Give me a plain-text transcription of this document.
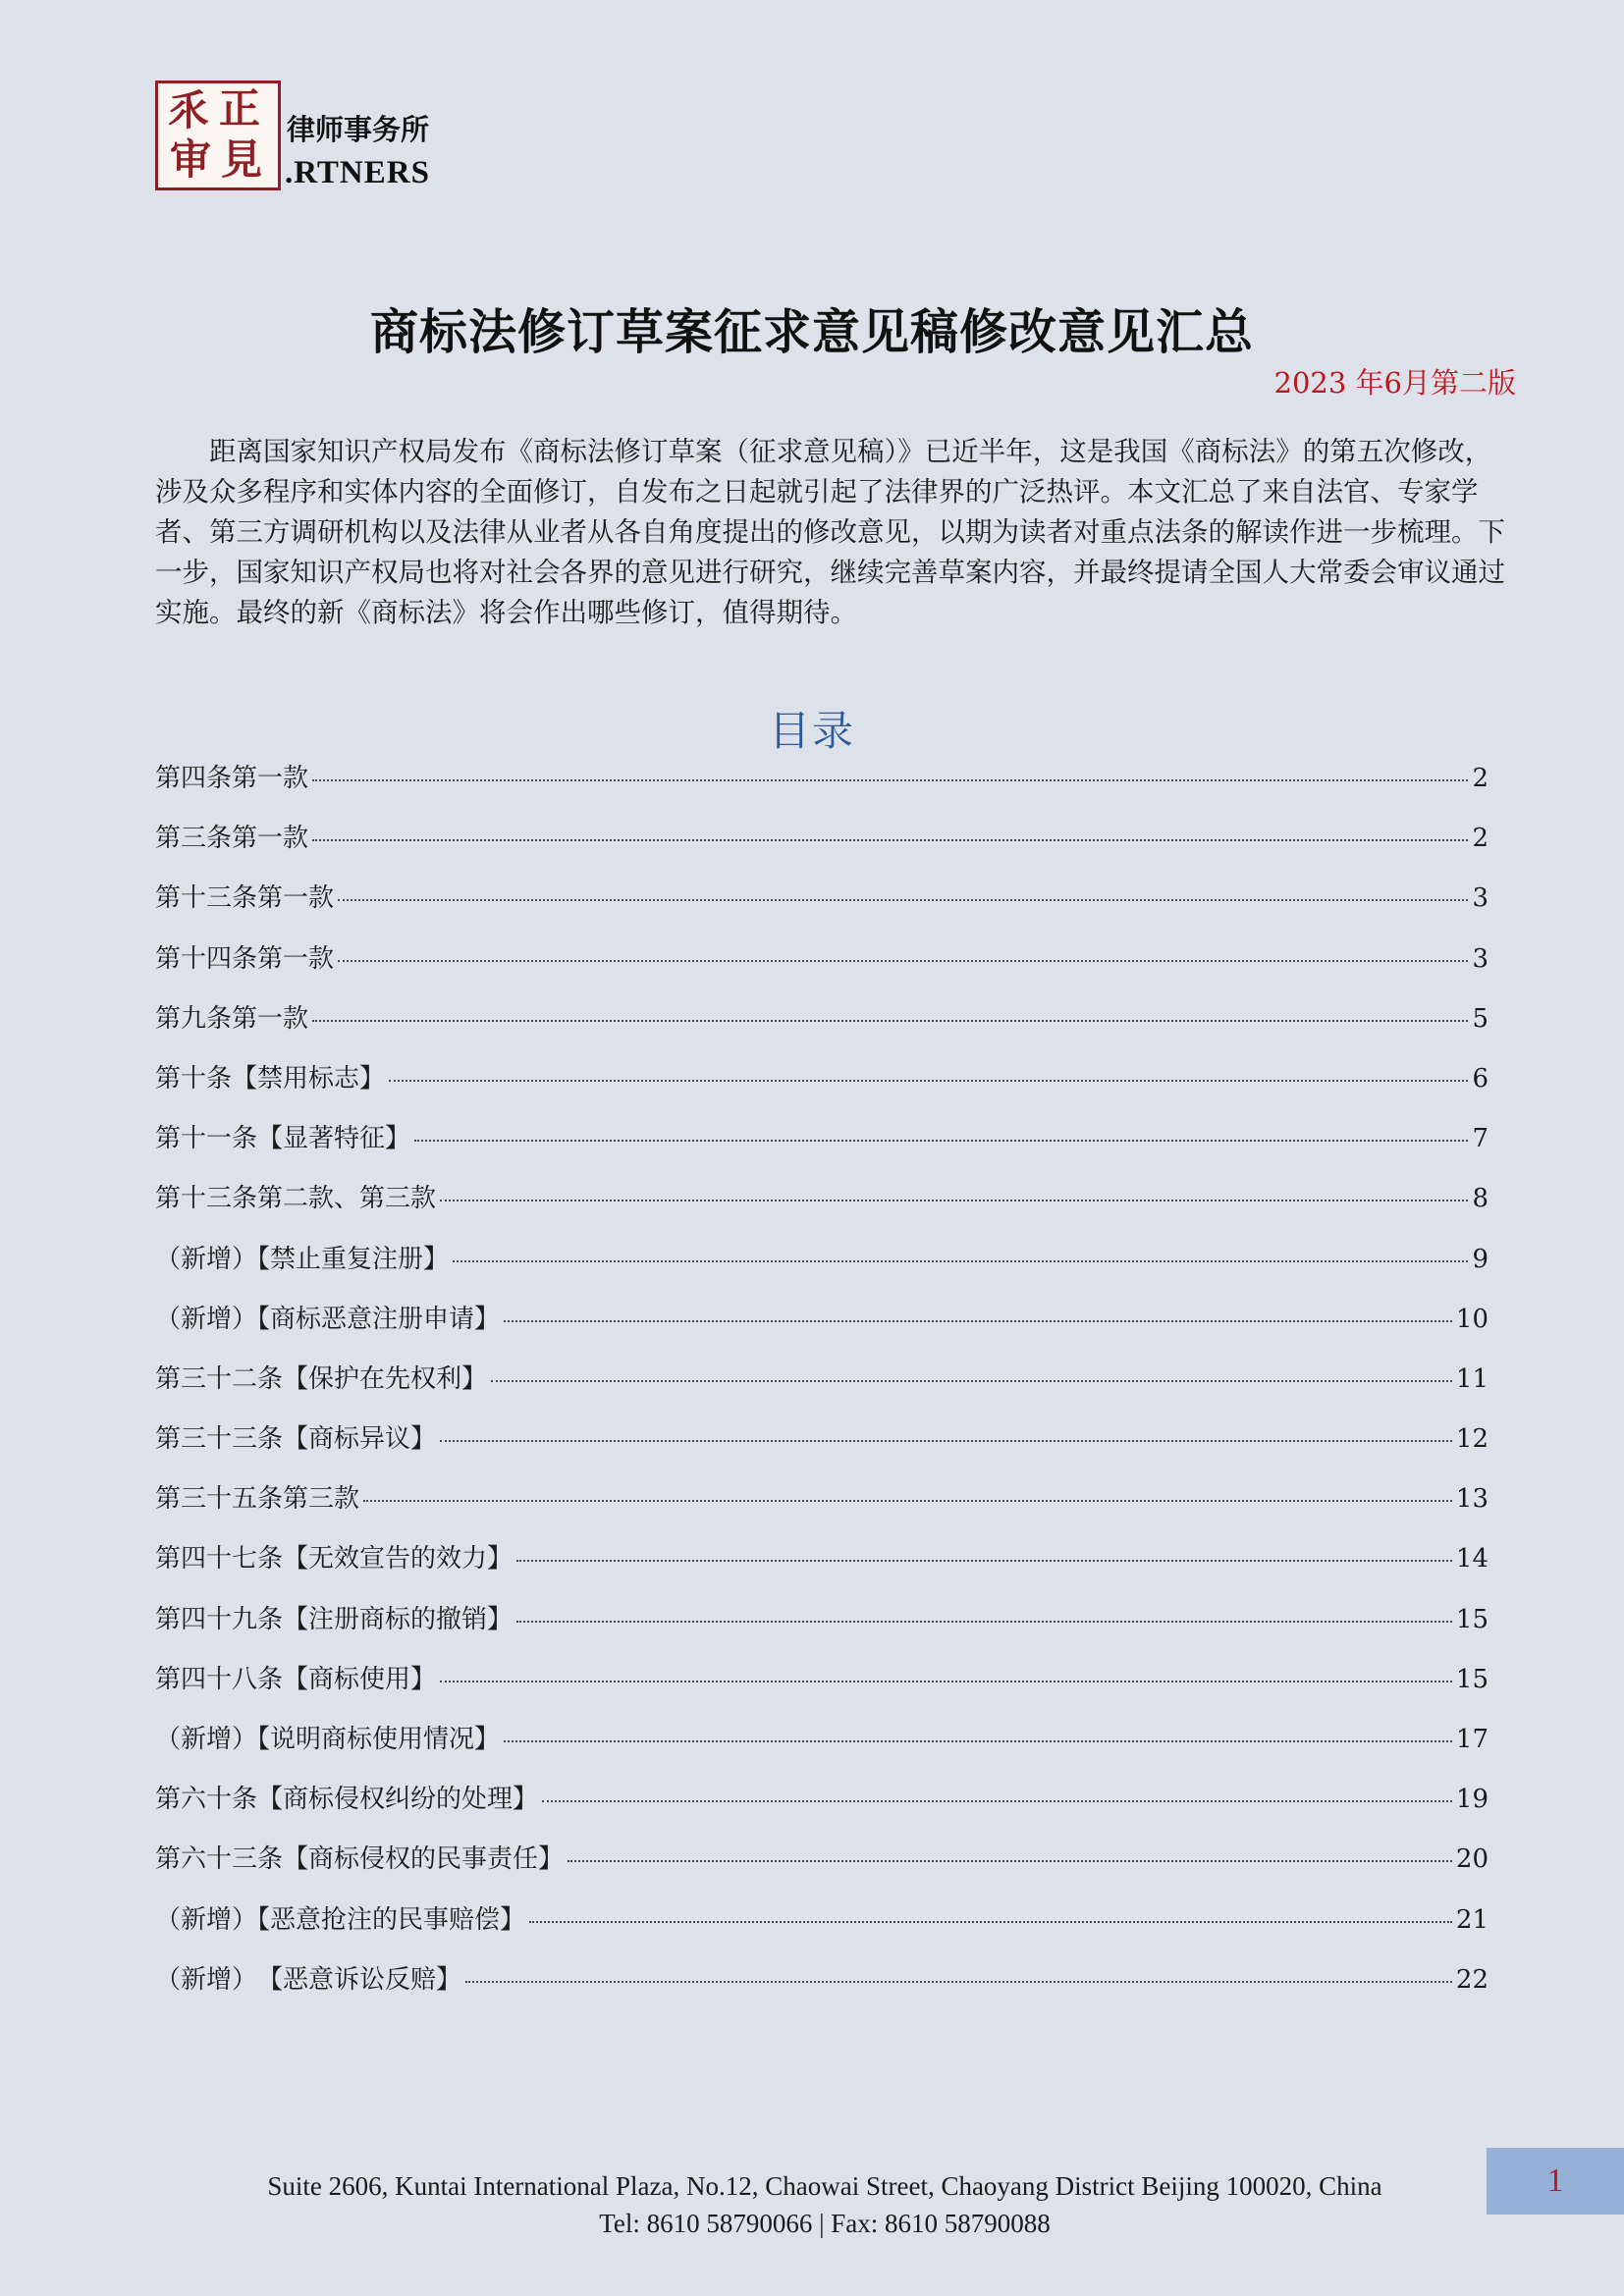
乑 正
审 見
律师事务所
.RTNERS
商标法修订草案征求意见稿修改意见汇总
2023 年6月第二版

距离国家知识产权局发布《商标法修订草案（征求意见稿）》已近半年，这是我国《商标法》的第五次修改，涉及众多程序和实体内容的全面修订，自发布之日起就引起了法律界的广泛热评。本文汇总了来自法官、专家学者、第三方调研机构以及法律从业者从各自角度提出的修改意见，以期为读者对重点法条的解读作进一步梳理。下一步，国家知识产权局也将对社会各界的意见进行研究，继续完善草案内容，并最终提请全国人大常委会审议通过实施。最终的新《商标法》将会作出哪些修订，值得期待。

目录
第四条第一款	2
第三条第一款	2
第十三条第一款	3
第十四条第一款	3
第九条第一款	5
第十条【禁用标志】	6
第十一条【显著特征】	7
第十三条第二款、第三款	8
（新增）【禁止重复注册】	9
（新增）【商标恶意注册申请】	10
第三十二条【保护在先权利】	11
第三十三条【商标异议】	12
第三十五条第三款	13
第四十七条【无效宣告的效力】	14
第四十九条【注册商标的撤销】	15
第四十八条【商标使用】	15
（新增）【说明商标使用情况】	17
第六十条【商标侵权纠纷的处理】	19
第六十三条【商标侵权的民事责任】	20
（新增）【恶意抢注的民事赔偿】	21
（新增）　【恶意诉讼反赔】	22
Suite 2606, Kuntai International Plaza, No.12, Chaowai Street, Chaoyang District Beijing 100020, China
Tel: 8610 58790066 | Fax: 8610 58790088
1
